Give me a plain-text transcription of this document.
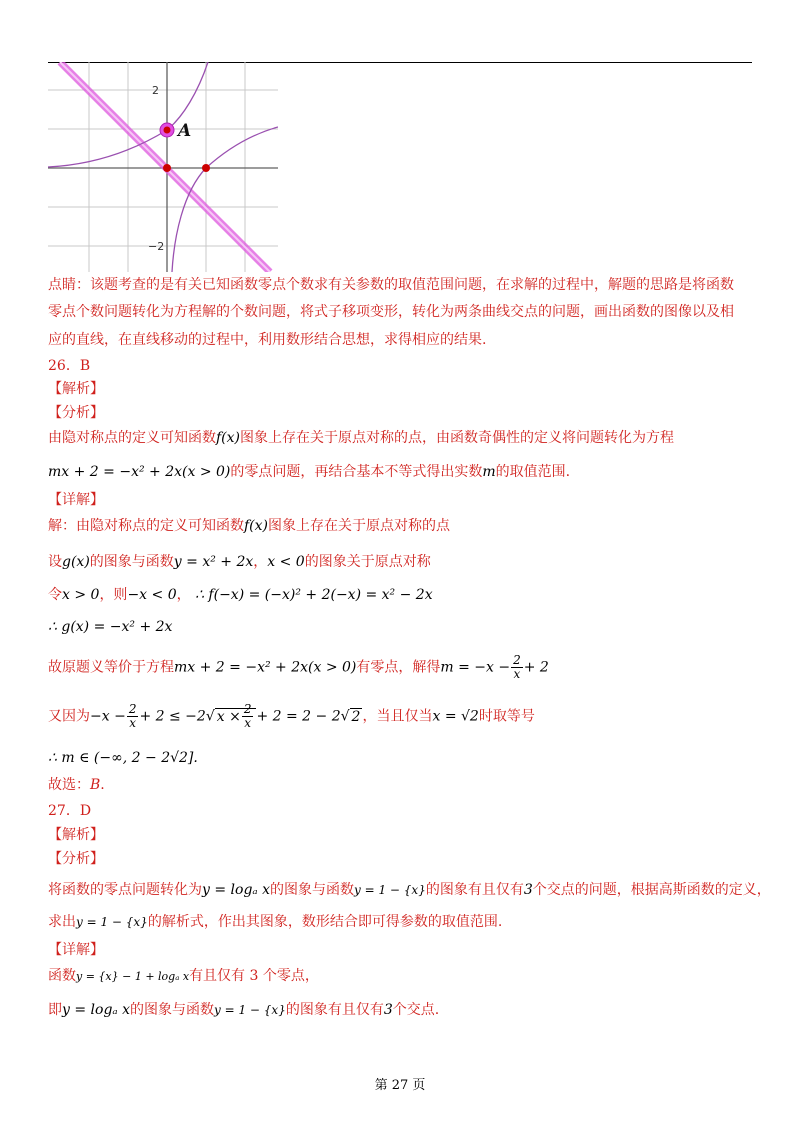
2
−2
A
点睛：该题考查的是有关已知函数零点个数求有关参数的取值范围问题，在求解的过程中，解题的思路是将函数
零点个数问题转化为方程解的个数问题，将式子移项变形，转化为两条曲线交点的问题，画出函数的图像以及相
应的直线，在直线移动的过程中，利用数形结合思想，求得相应的结果.
26．B
【解析】
【分析】
由隐对称点的定义可知函数f(x)图象上存在关于原点对称的点，由函数奇偶性的定义将问题转化为方程
mx + 2 = −x² + 2x(x > 0)的零点问题，再结合基本不等式得出实数m的取值范围.
【详解】
解：由隐对称点的定义可知函数f(x)图象上存在关于原点对称的点
设g(x)的图象与函数y = x² + 2x，x < 0的图象关于原点对称
令x > 0，则−x < 0， ∴ f(−x) = (−x)² + 2(−x) = x² − 2x
∴ g(x) = −x² + 2x
故原题义等价于方程mx + 2 = −x² + 2x(x > 0)有零点，解得$m = -x - \frac{2}{x} + 2$
又因为$-x - \frac{2}{x} + 2 \le -2√$ $x \times \frac{2}{x} + 2 = 2 - 2√$ 2 ，当且仅当x = √2时取等号
∴ m ∈ (−∞, 2 − 2√2].
故选：B.
27．D
【解析】
【分析】
将函数的零点问题转化为y = logₐ x的图象与函数y = 1 − {x}的图象有且仅有3个交点的问题，根据高斯函数的定义，
求出y = 1 − {x}的解析式，作出其图象，数形结合即可得参数的取值范围.
【详解】
函数y = {x} − 1 + logₐ x有且仅有 3 个零点，
即y = logₐ x的图象与函数y = 1 − {x}的图象有且仅有3个交点.
第 27 页
